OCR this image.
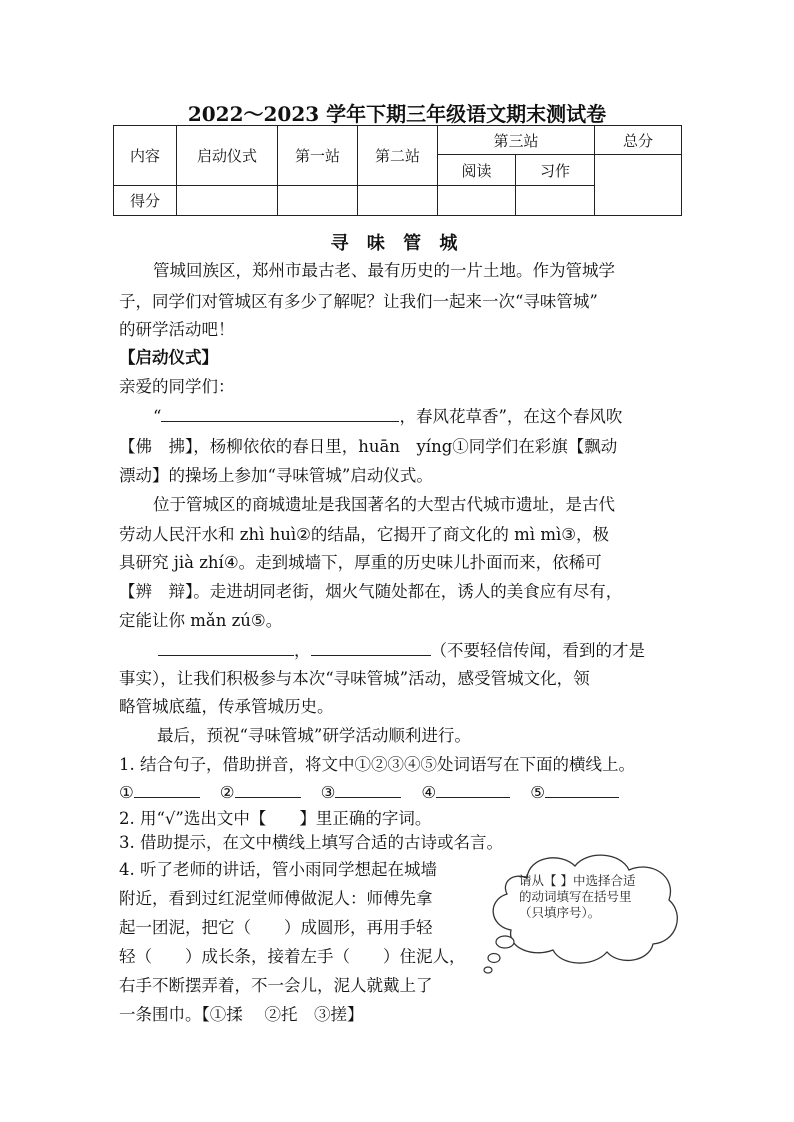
2022～2023 学年下期三年级语文期末测试卷
内容	启动仪式	第一站	第二站	第三站		总分
				阅读	习作	
得分						
寻 味 管 城
管城回族区，郑州市最古老、最有历史的一片土地。作为管城学
子，同学们对管城区有多少了解呢？让我们一起来一次“寻味管城”
的研学活动吧！
【启动仪式】
亲爱的同学们：
“	，春风花草香”，在这个春风吹
【佛　拂】，杨柳依依的春日里，huān　yíng①同学们在彩旗【飘动
漂动】的操场上参加“寻味管城”启动仪式。
位于管城区的商城遗址是我国著名的大型古代城市遗址，是古代
劳动人民汗水和 zhì huì②的结晶，它揭开了商文化的 mì mì③，极
具研究 jià zhí④。走到城墙下，厚重的历史味儿扑面而来，依稀可
【辨　辩】。走进胡同老街，烟火气随处都在，诱人的美食应有尽有，
定能让你 mǎn zú⑤。
，	（不要轻信传闻，看到的才是
事实），让我们积极参与本次“寻味管城”活动，感受管城文化，领
略管城底蕴，传承管城历史。
最后，预祝“寻味管城”研学活动顺利进行。
1. 结合句子，借助拼音，将文中①②③④⑤处词语写在下面的横线上。
①	②	③	④	⑤
2. 用“√”选出文中【　　】里正确的字词。
3. 借助提示，在文中横线上填写合适的古诗或名言。
4. 听了老师的讲话，管小雨同学想起在城墙
附近，看到过红泥堂师傅做泥人：师傅先拿
起一团泥，把它（　　）成圆形，再用手轻
轻（　　）成长条，接着左手（　　）住泥人，
右手不断摆弄着，不一会儿，泥人就戴上了
一条围巾。【①揉　 ②托　③搓】
请从【 】中选择合适的动词填写在括号里（只填序号）。
